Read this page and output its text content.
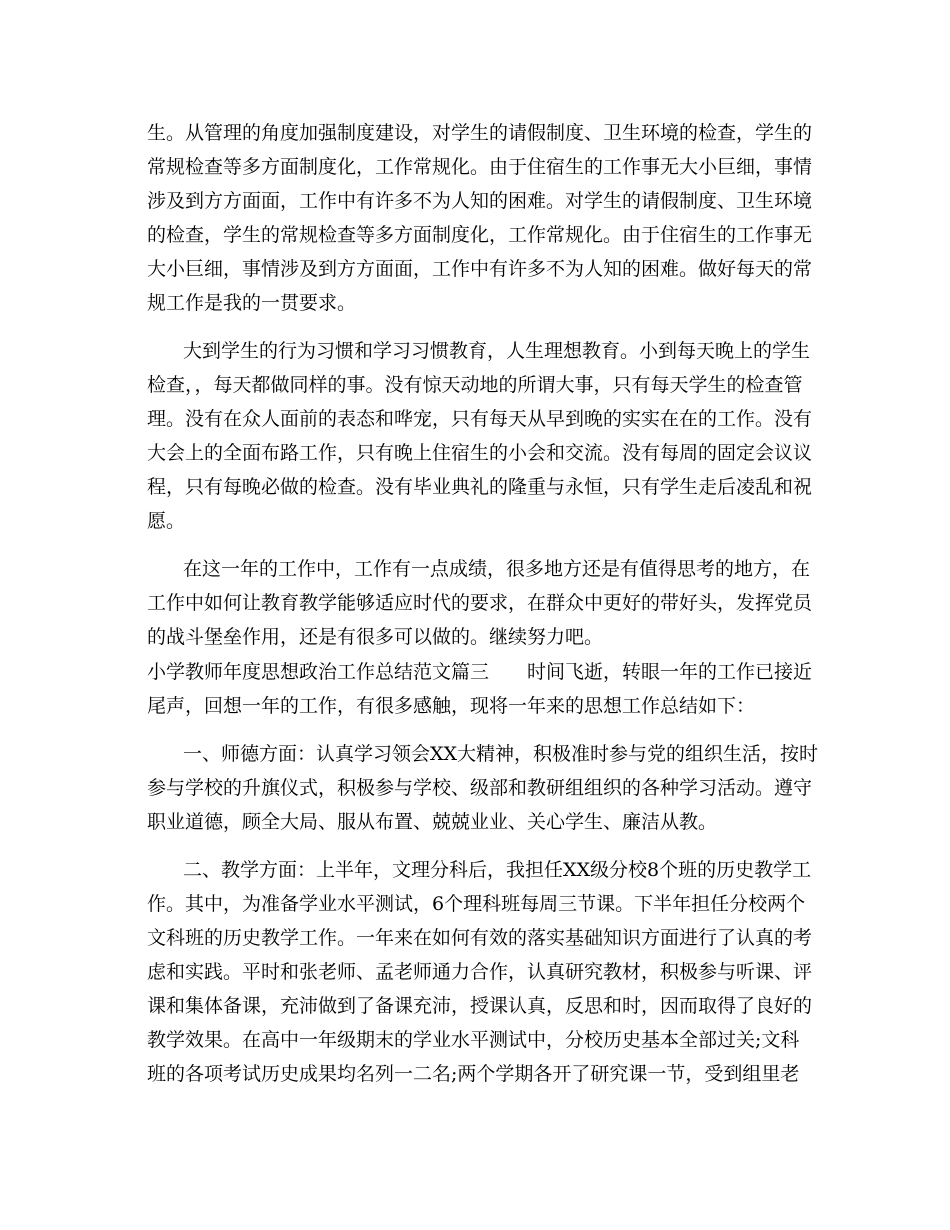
生。从管理的角度加强制度建设，对学生的请假制度、卫生环境的检查，学生的

常规检查等多方面制度化，工作常规化。由于住宿生的工作事无大小巨细，事情

涉及到方方面面，工作中有许多不为人知的困难。对学生的请假制度、卫生环境

的检查，学生的常规检查等多方面制度化，工作常规化。由于住宿生的工作事无

大小巨细，事情涉及到方方面面，工作中有许多不为人知的困难。做好每天的常

规工作是我的一贯要求。

大到学生的行为习惯和学习习惯教育，人生理想教育。小到每天晚上的学生

检查，，每天都做同样的事。没有惊天动地的所谓大事，只有每天学生的检查管

理。没有在众人面前的表态和哗宠，只有每天从早到晚的实实在在的工作。没有

大会上的全面布路工作，只有晚上住宿生的小会和交流。没有每周的固定会议议

程，只有每晚必做的检查。没有毕业典礼的隆重与永恒，只有学生走后凌乱和祝

愿。

在这一年的工作中，工作有一点成绩，很多地方还是有值得思考的地方，在

工作中如何让教育教学能够适应时代的要求，在群众中更好的带好头，发挥党员

的战斗堡垒作用，还是有很多可以做的。继续努力吧。

小学教师年度思想政治工作总结范文篇三　　时间飞逝，转眼一年的工作已接近

尾声，回想一年的工作，有很多感触，现将一年来的思想工作总结如下：

一、师德方面：认真学习领会XX大精神，积极准时参与党的组织生活，按时

参与学校的升旗仪式，积极参与学校、级部和教研组组织的各种学习活动。遵守

职业道德，顾全大局、服从布置、兢兢业业、关心学生、廉洁从教。

二、教学方面：上半年，文理分科后，我担任XX级分校8个班的历史教学工

作。其中，为准备学业水平测试，6个理科班每周三节课。下半年担任分校两个

文科班的历史教学工作。一年来在如何有效的落实基础知识方面进行了认真的考

虑和实践。平时和张老师、孟老师通力合作，认真研究教材，积极参与听课、评

课和集体备课，充沛做到了备课充沛，授课认真，反思和时，因而取得了良好的

教学效果。在高中一年级期末的学业水平测试中，分校历史基本全部过关;文科

班的各项考试历史成果均名列一二名;两个学期各开了研究课一节，受到组里老
